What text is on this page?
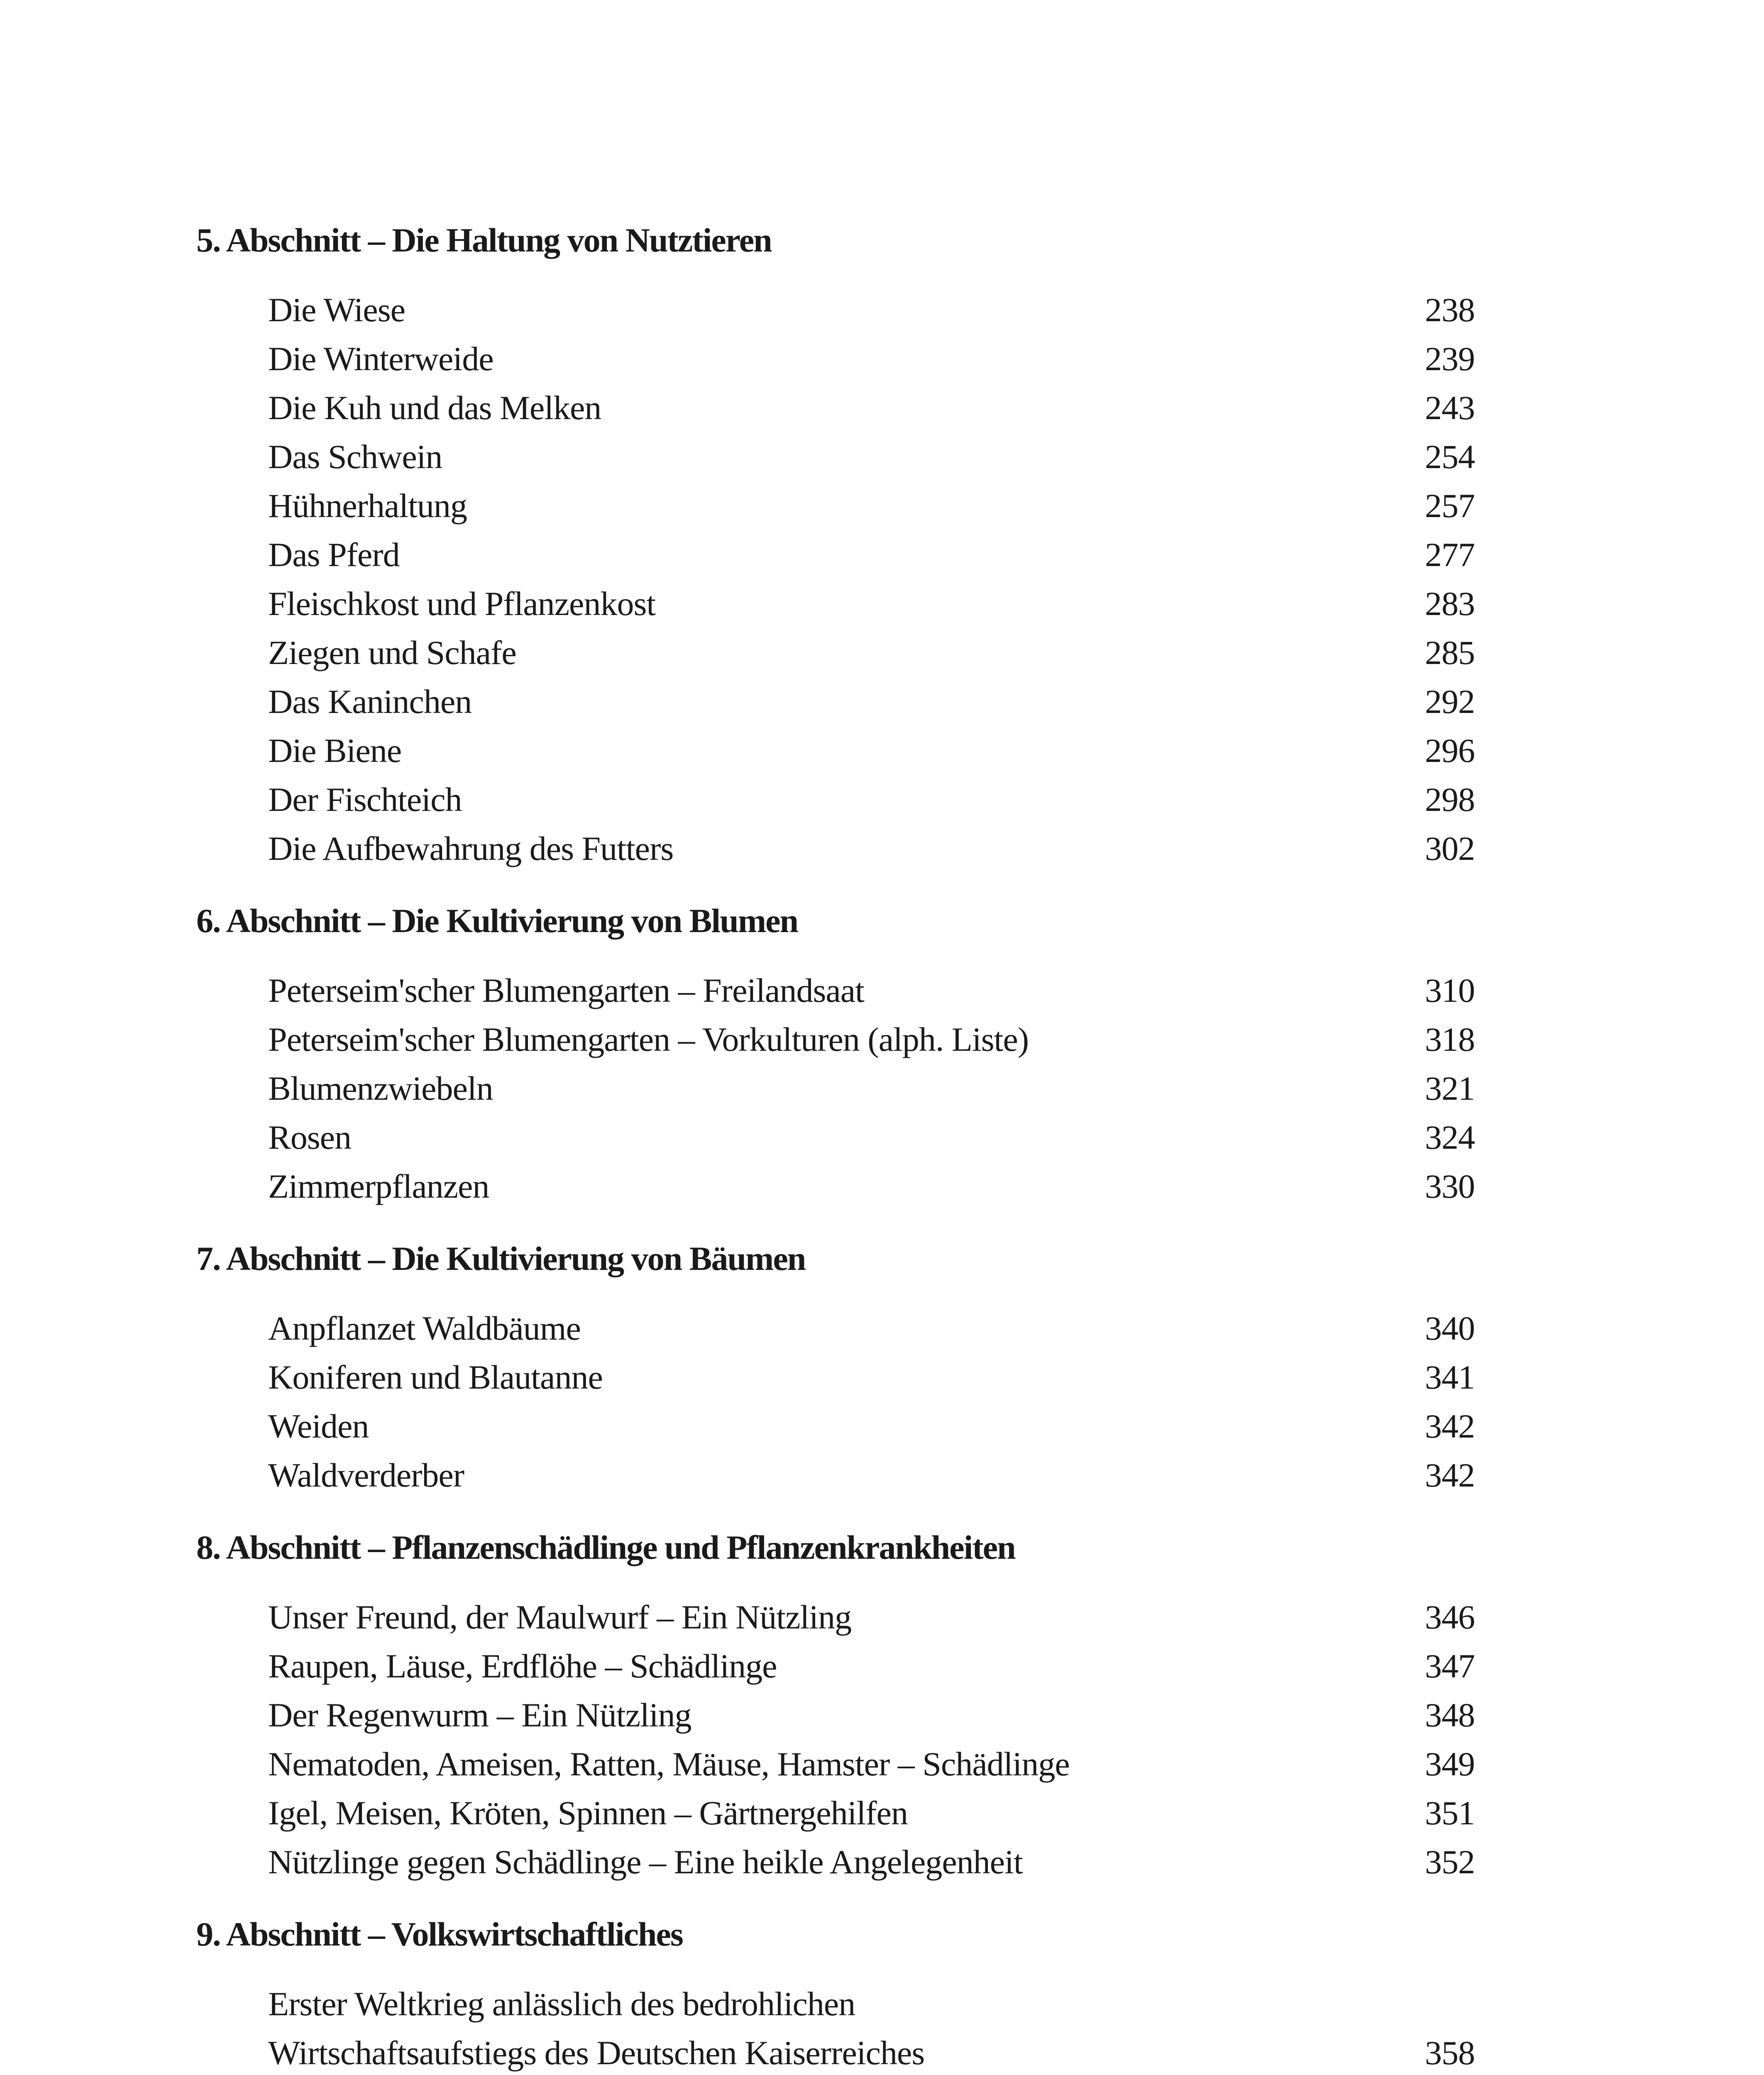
5. Abschnitt – Die Haltung von Nutztieren
Die Wiese	238
Die Winterweide	239
Die Kuh und das Melken	243
Das Schwein	254
Hühnerhaltung	257
Das Pferd	277
Fleischkost und Pflanzenkost	283
Ziegen und Schafe	285
Das Kaninchen	292
Die Biene	296
Der Fischteich	298
Die Aufbewahrung des Futters	302
6. Abschnitt – Die Kultivierung von Blumen
Peterseim'scher Blumengarten – Freilandsaat	310
Peterseim'scher Blumengarten – Vorkulturen (alph. Liste)	318
Blumenzwiebeln	321
Rosen	324
Zimmerpflanzen	330
7. Abschnitt – Die Kultivierung von Bäumen
Anpflanzet Waldbäume	340
Koniferen und Blautanne	341
Weiden	342
Waldverderber	342
8. Abschnitt – Pflanzenschädlinge und Pflanzenkrankheiten
Unser Freund, der Maulwurf – Ein Nützling	346
Raupen, Läuse, Erdflöhe – Schädlinge	347
Der Regenwurm – Ein Nützling	348
Nematoden, Ameisen, Ratten, Mäuse, Hamster – Schädlinge	349
Igel, Meisen, Kröten, Spinnen – Gärtnergehilfen	351
Nützlinge gegen Schädlinge – Eine heikle Angelegenheit	352
9. Abschnitt – Volkswirtschaftliches
Erster Weltkrieg anlässlich des bedrohlichen
Wirtschaftsaufstiegs des Deutschen Kaiserreiches	358
